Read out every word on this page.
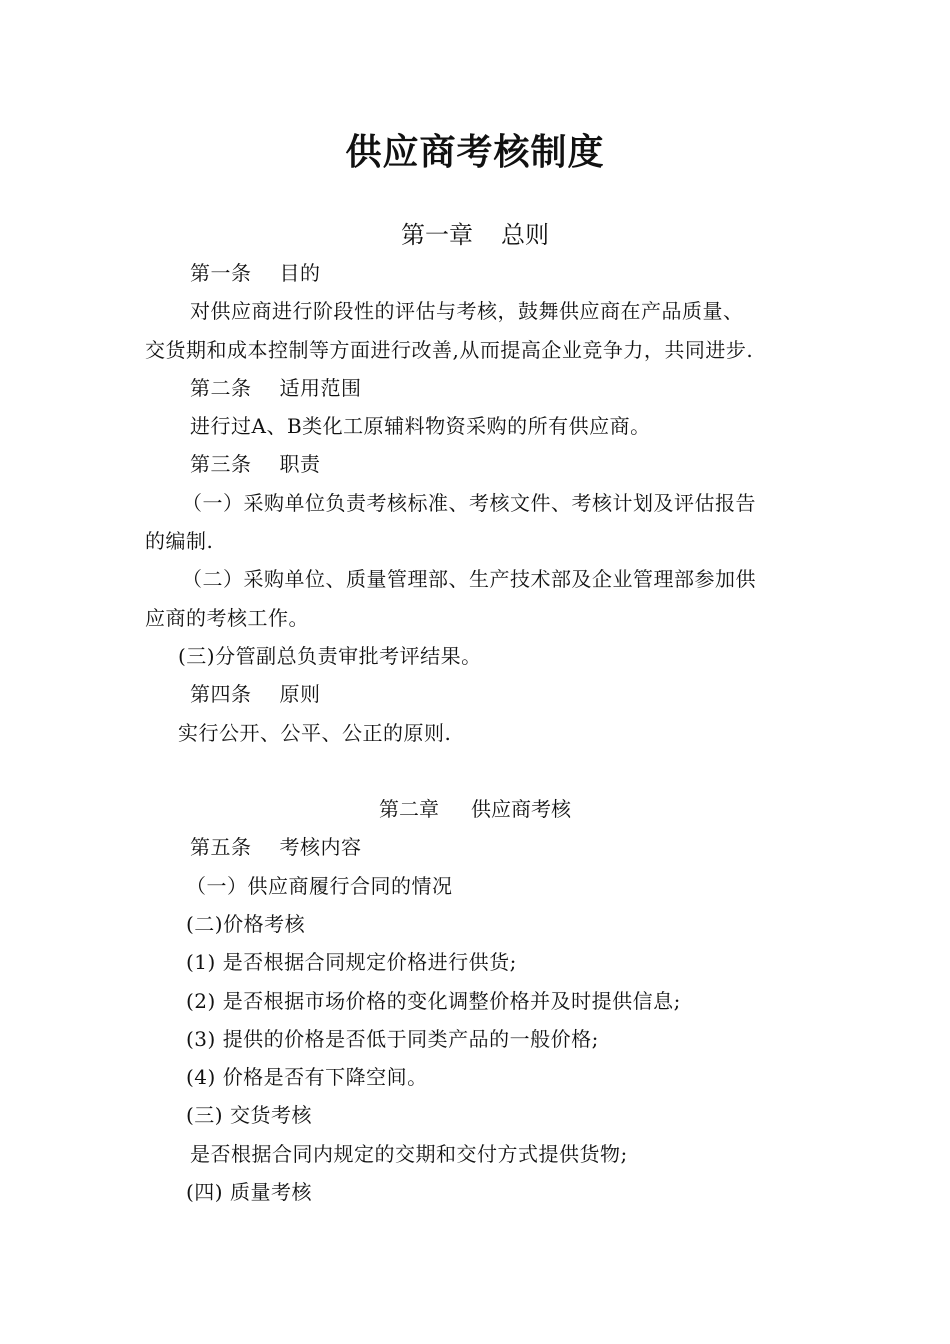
供应商考核制度
第一章 总则
第一条 目的
对供应商进行阶段性的评估与考核，鼓舞供应商在产品质量、
交货期和成本控制等方面进行改善,从而提高企业竞争力，共同进步.
第二条 适用范围
进行过A、B类化工原辅料物资采购的所有供应商。
第三条 职责
（一）采购单位负责考核标准、考核文件、考核计划及评估报告
的编制.
（二）采购单位、质量管理部、生产技术部及企业管理部参加供
应商的考核工作。
(三)分管副总负责审批考评结果。
第四条 原则
实行公开、公平、公正的原则.
第二章 供应商考核
第五条 考核内容
（一）供应商履行合同的情况
(二)价格考核
(1) 是否根据合同规定价格进行供货;
(2) 是否根据市场价格的变化调整价格并及时提供信息;
(3) 提供的价格是否低于同类产品的一般价格;
(4) 价格是否有下降空间。
(三) 交货考核
是否根据合同内规定的交期和交付方式提供货物;
(四) 质量考核
